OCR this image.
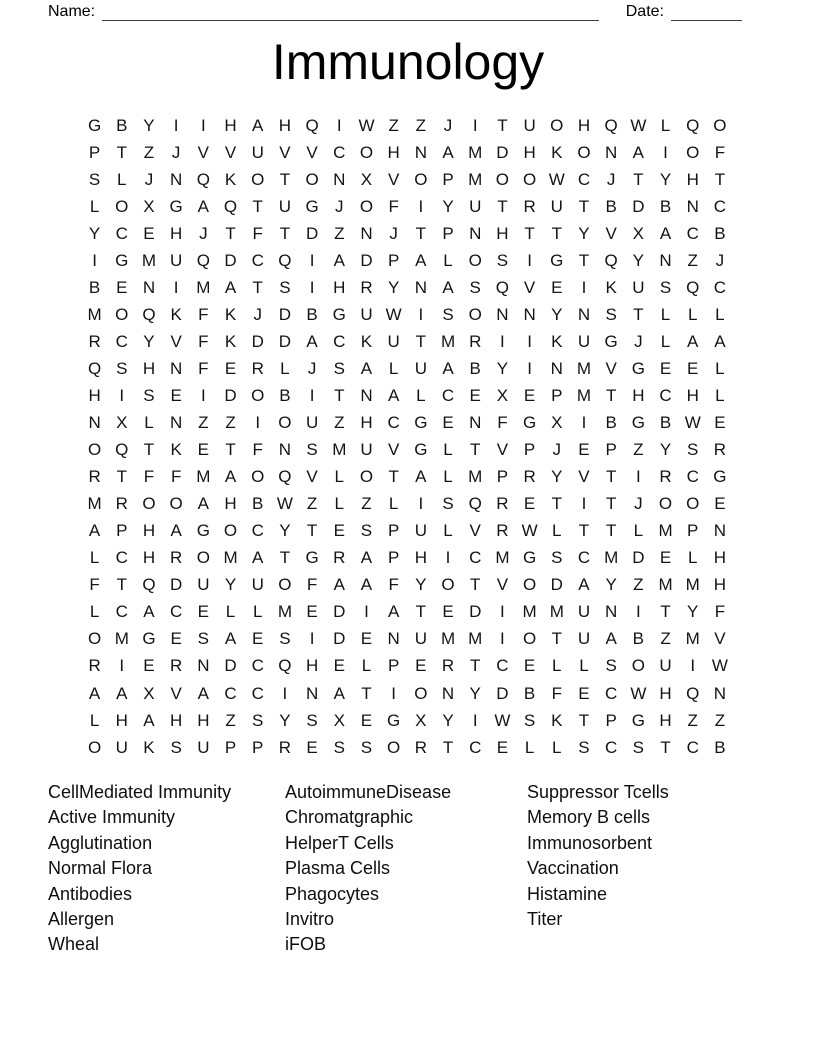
Name:	Date:
Immunology
G B Y	I	I	H A H Q	I W Z Z	J	I	T U O H Q W L Q O
P T Z	J	V V U V V C O H N A M D H K O N A	I	O F
S L	J N Q K O T O N X V O P M O O W C J	T Y H T
L O X G A Q T U G J O F	I	Y U T R U T B D B N C
Y C E H J	T F T D Z N J	T P N H T T Y V X A C B
I	G M U Q D C Q	I	A D P A L O S	I	G T Q Y N Z	J
B E N	I	M A T S	I	H R Y N A S Q V E	I	K U S Q C
M O Q K F K	J D B G U W I	S O N N Y N S T	L	L	L
R C Y V F K D D A C K U T M R	I	I	K U G J	L A A
Q S H N F E R L	J	S A L U A B Y	I	N M V G E E L
H	I	S E	I	D O B	I	T N A L C E X E P M T H C H L
N X L N Z Z	I	O U Z H C G E N F G X	I	B G B W E
O Q T K E T F N S M U V G L	T V P	J	E P Z Y S R
R T F F M A O Q V L O T A L M P R Y V T	I	R C G
M R O O A H B W Z	L	Z	L	I	S Q R E T	I	T	J O O E
A P H A G O C Y T E S P U L V R W L	T T	L M P N
L C H R O M A T G R A P H	I	C M G S C M D E L H
F T Q D U Y U O F A A F Y O T V O D A Y Z M M H
L C A C E L	L M E D	I	A T E D	I	M M U N	I	T Y F
O M G E S A E S	I	D E N U M M	I	O T U A B Z M V
R	I	E R N D C Q H E L P E R T C E L	L S O U	I W
A A X V A C C	I	N A T	I	O N Y D B F E C W H Q N
L H A H H Z S Y S X E G X Y	I W S K T P G H Z Z
O U K S U P P R E S S O R T C E L	L S C S T C B
CellMediated Immunity
Active Immunity
Agglutination
Normal Flora
Antibodies
Allergen
Wheal
AutoimmuneDisease
Chromatgraphic
HelperT Cells
Plasma Cells
Phagocytes
Invitro
iFOB
Suppressor Tcells
Memory B cells
Immunosorbent
Vaccination
Histamine
Titer
